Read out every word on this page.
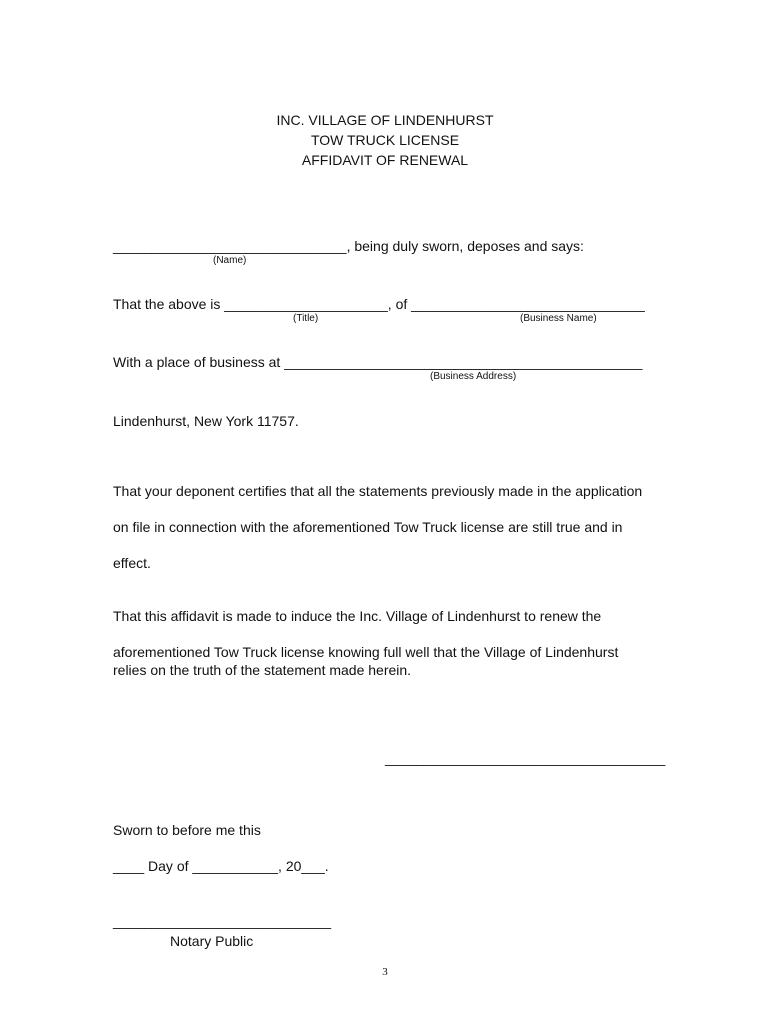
INC. VILLAGE OF LINDENHURST
TOW TRUCK LICENSE
AFFIDAVIT OF RENEWAL
______________________________, being duly sworn, deposes and says:
(Name)
That the above is _____________________, of ______________________________
(Title)	(Business Name)
With a place of business at ______________________________________________
(Business Address)
Lindenhurst, New York 11757.
That your deponent certifies that all the statements previously made in the application
on file in connection with the aforementioned Tow Truck license are still true and in
effect.
That this affidavit is made to induce the Inc. Village of Lindenhurst to renew the
aforementioned Tow Truck license knowing full well that the Village of Lindenhurst
relies on the truth of the statement made herein.
____________________________________
Sworn to before me this
____ Day of ___________, 20___.
____________________________
Notary Public
3
